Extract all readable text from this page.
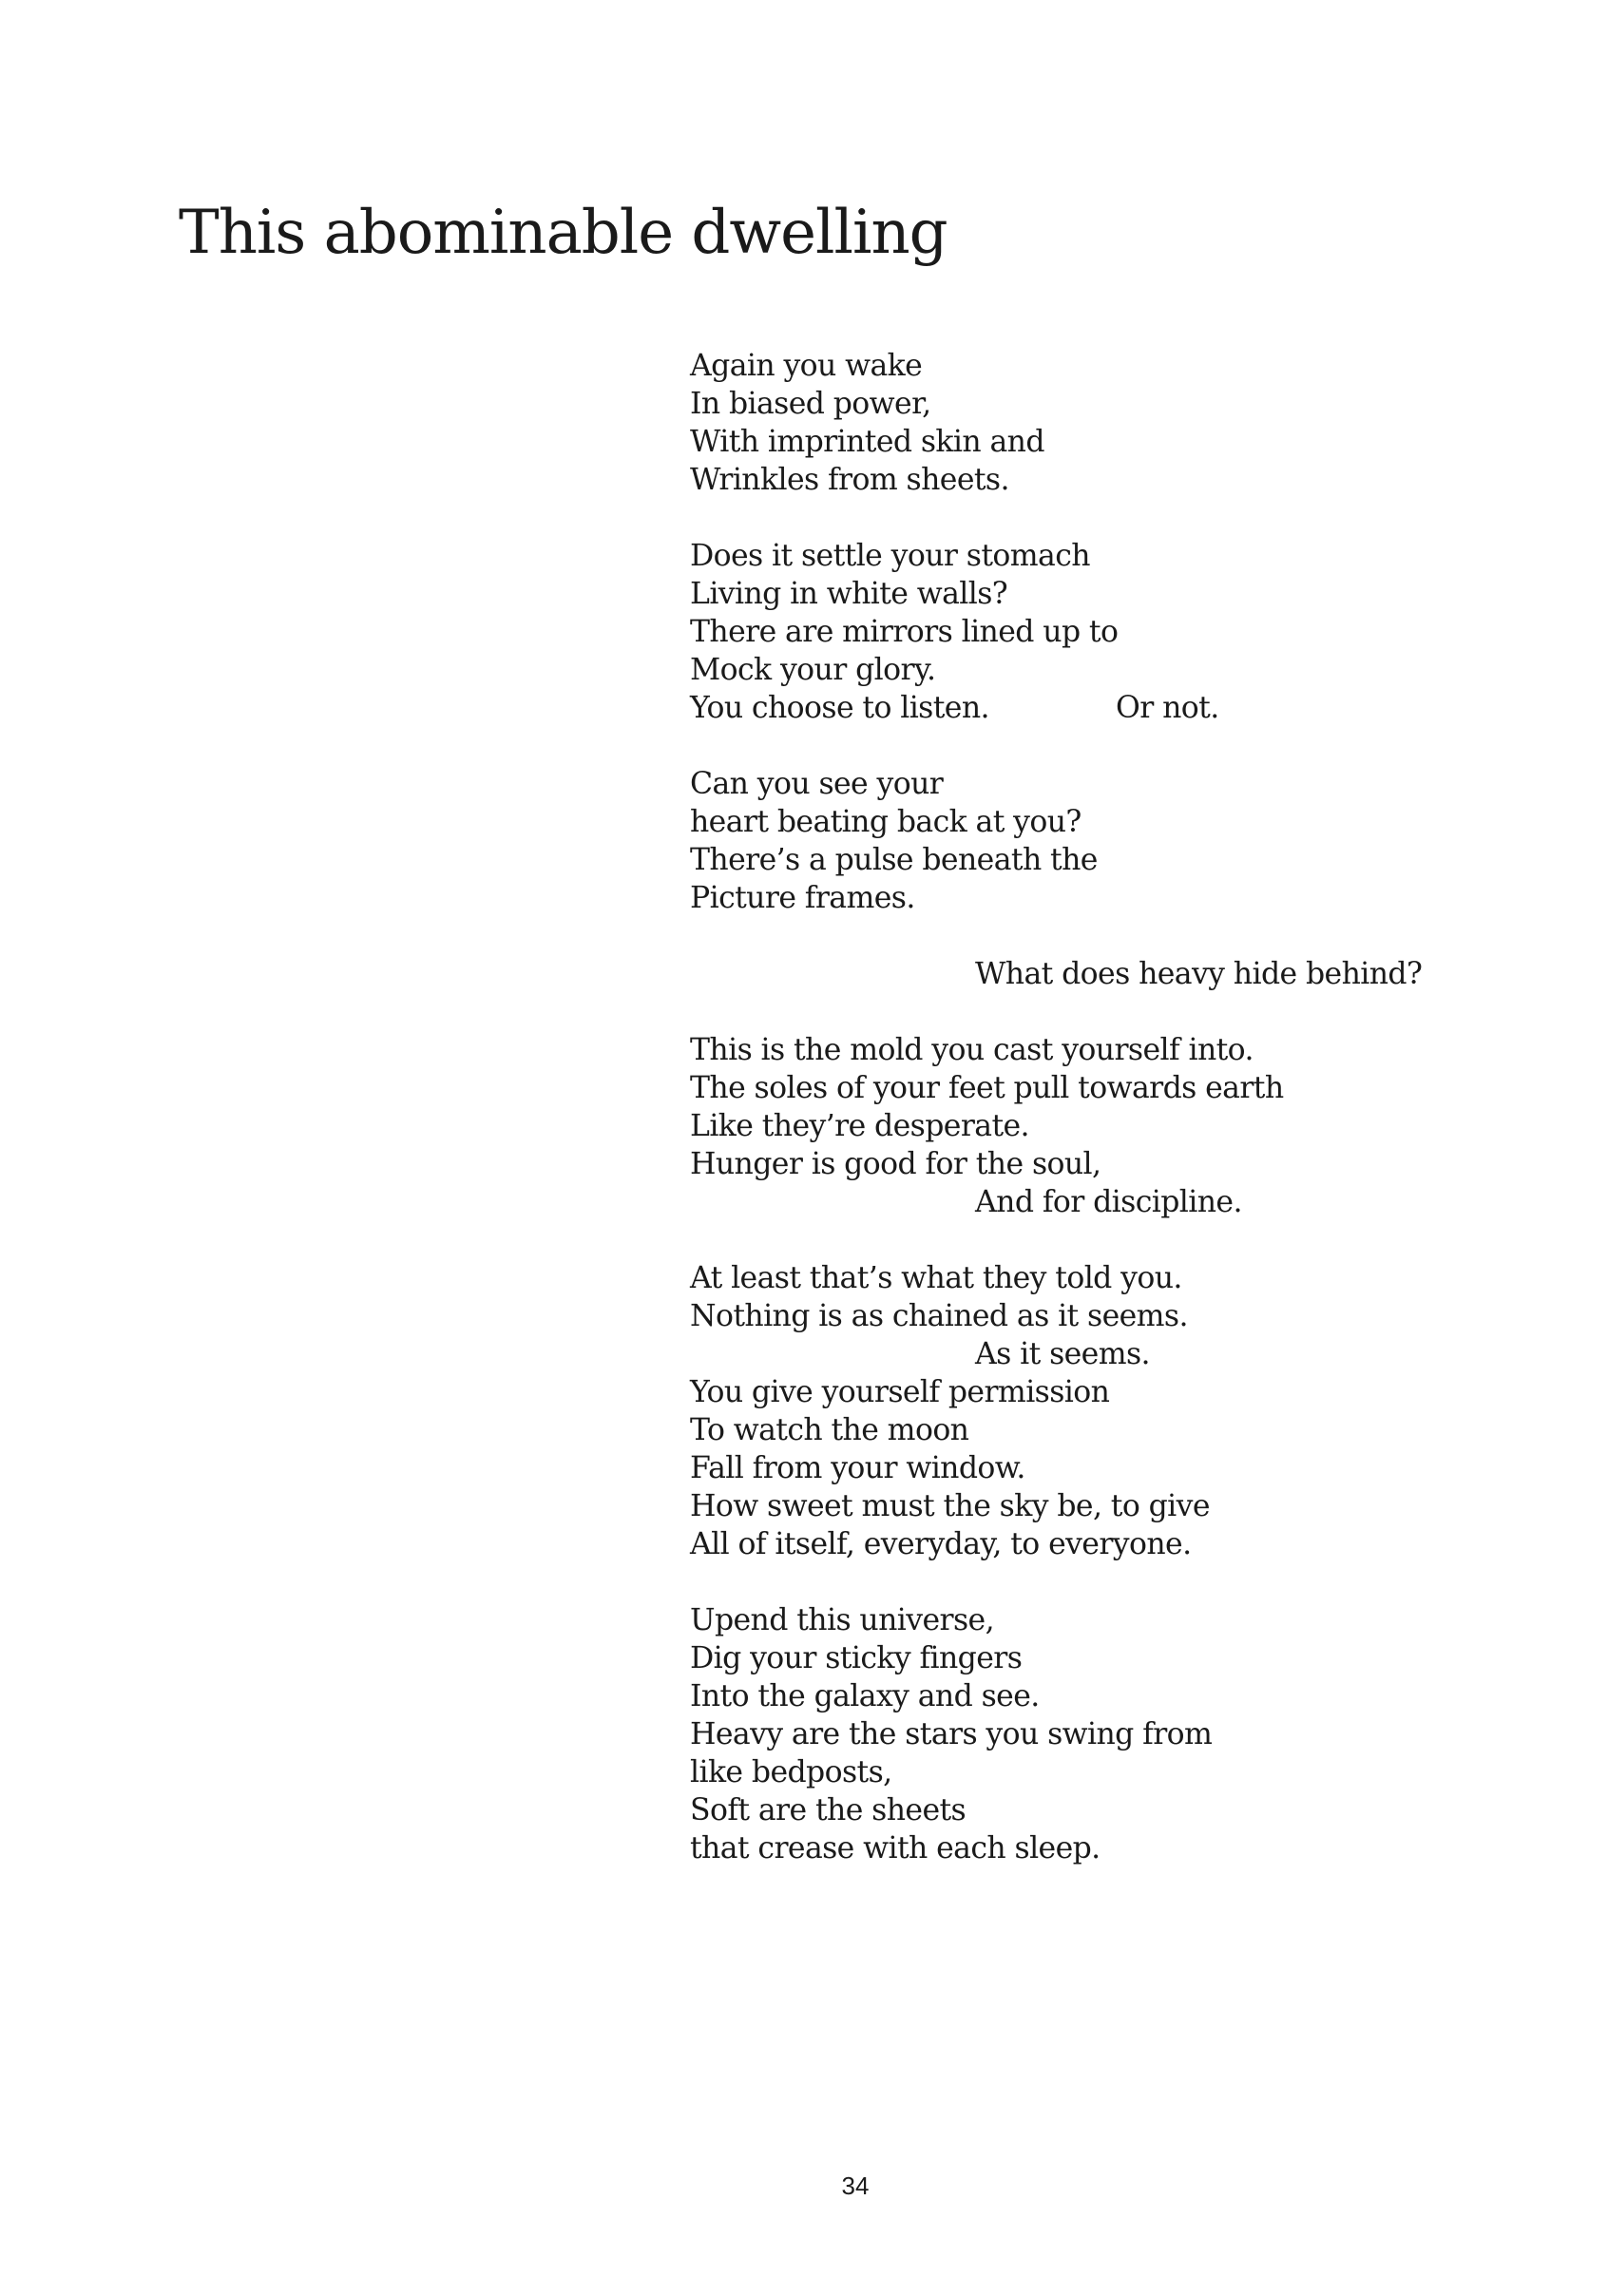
This abominable dwelling
Again you wake
In biased power,
With imprinted skin and
Wrinkles from sheets.
Does it settle your stomach
Living in white walls?
There are mirrors lined up to
Mock your glory.
You choose to listen.	Or not.
Can you see your
heart beating back at you?
There’s a pulse beneath the
Picture frames.
What does heavy hide behind?
This is the mold you cast yourself into.
The soles of your feet pull towards earth
Like they’re desperate.
Hunger is good for the soul,
And for discipline.
At least that’s what they told you.
Nothing is as chained as it seems.
As it seems.
You give yourself permission
To watch the moon
Fall from your window.
How sweet must the sky be, to give
All of itself, everyday, to everyone.
Upend this universe,
Dig your sticky fingers
Into the galaxy and see.
Heavy are the stars you swing from
like bedposts,
Soft are the sheets
that crease with each sleep.
34
